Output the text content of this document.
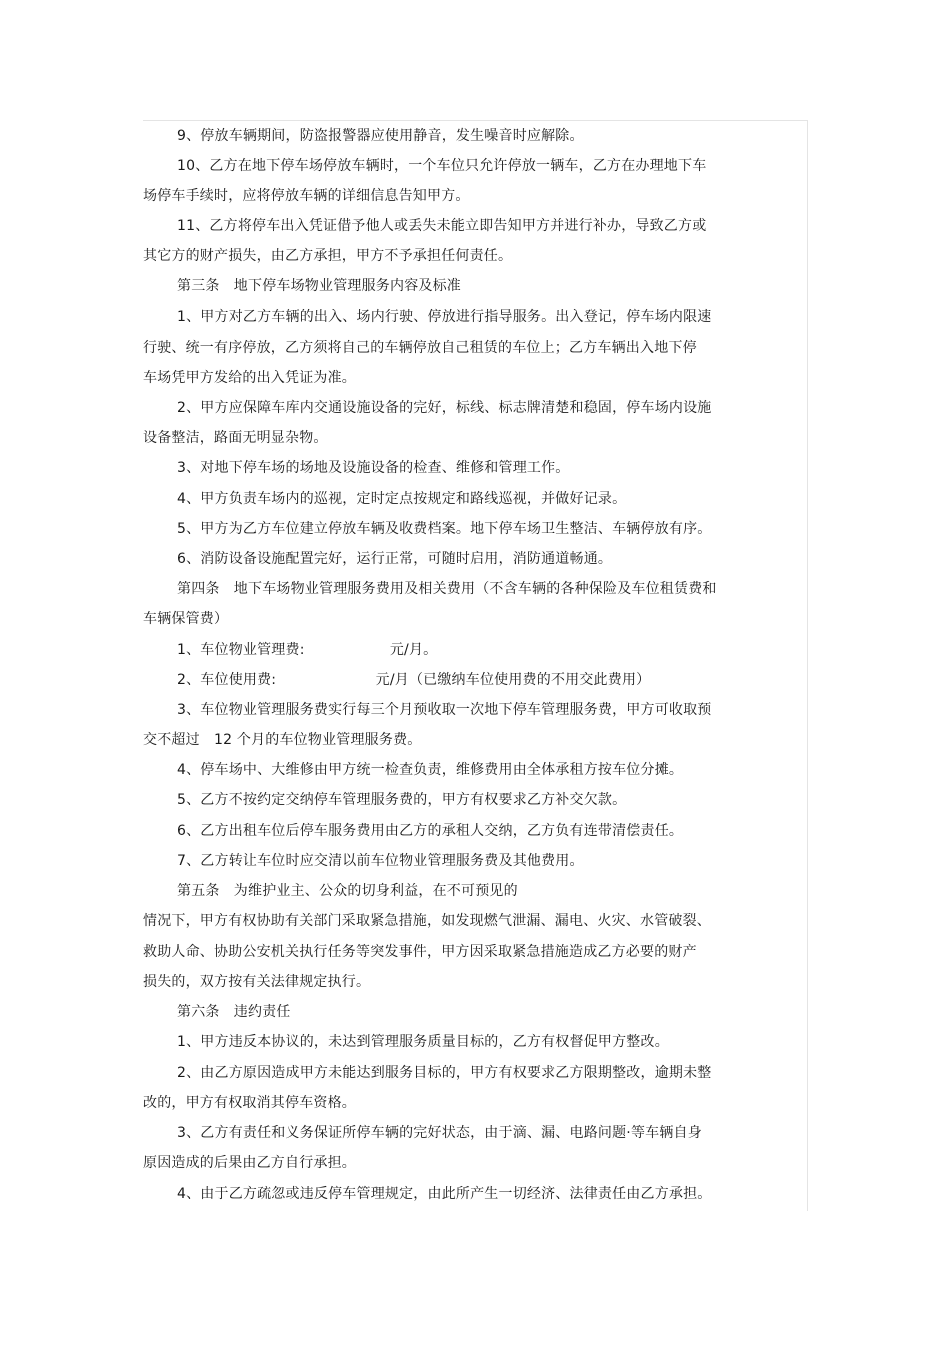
9、停放车辆期间，防盗报警器应使用静音，发生噪音时应解除。
10、乙方在地下停车场停放车辆时，一个车位只允许停放一辆车，乙方在办理地下车
场停车手续时，应将停放车辆的详细信息告知甲方。
11、乙方将停车出入凭证借予他人或丢失未能立即告知甲方并进行补办，导致乙方或
其它方的财产损失，由乙方承担，甲方不予承担任何责任。
第三条　地下停车场物业管理服务内容及标准
1、甲方对乙方车辆的出入、场内行驶、停放进行指导服务。出入登记，停车场内限速
行驶、统一有序停放，乙方须将自己的车辆停放自己租赁的车位上；乙方车辆出入地下停
车场凭甲方发给的出入凭证为准。
2、甲方应保障车库内交通设施设备的完好，标线、标志牌清楚和稳固，停车场内设施
设备整洁，路面无明显杂物。
3、对地下停车场的场地及设施设备的检查、维修和管理工作。
4、甲方负责车场内的巡视，定时定点按规定和路线巡视，并做好记录。
5、甲方为乙方车位建立停放车辆及收费档案。地下停车场卫生整洁、车辆停放有序。
6、消防设备设施配置完好，运行正常，可随时启用，消防通道畅通。
第四条　地下车场物业管理服务费用及相关费用（不含车辆的各种保险及车位租赁费和
车辆保管费）
1、车位物业管理费:　　　　　　元/月。
2、车位使用费:　　　　　　　元/月（已缴纳车位使用费的不用交此费用）
3、车位物业管理服务费实行每三个月预收取一次地下停车管理服务费，甲方可收取预
交不超过　12 个月的车位物业管理服务费。
4、停车场中、大维修由甲方统一检查负责，维修费用由全体承租方按车位分摊。
5、乙方不按约定交纳停车管理服务费的，甲方有权要求乙方补交欠款。
6、乙方出租车位后停车服务费用由乙方的承租人交纳，乙方负有连带清偿责任。
7、乙方转让车位时应交清以前车位物业管理服务费及其他费用。
第五条　为维护业主、公众的切身利益，在不可预见的
情况下，甲方有权协助有关部门采取紧急措施，如发现燃气泄漏、漏电、火灾、水管破裂、
救助人命、协助公安机关执行任务等突发事件，甲方因采取紧急措施造成乙方必要的财产
损失的，双方按有关法律规定执行。
第六条　违约责任
1、甲方违反本协议的，未达到管理服务质量目标的，乙方有权督促甲方整改。
2、由乙方原因造成甲方未能达到服务目标的，甲方有权要求乙方限期整改，逾期未整
改的，甲方有权取消其停车资格。
3、乙方有责任和义务保证所停车辆的完好状态，由于滴、漏、电路问题·等车辆自身
原因造成的后果由乙方自行承担。
4、由于乙方疏忽或违反停车管理规定，由此所产生一切经济、法律责任由乙方承担。
